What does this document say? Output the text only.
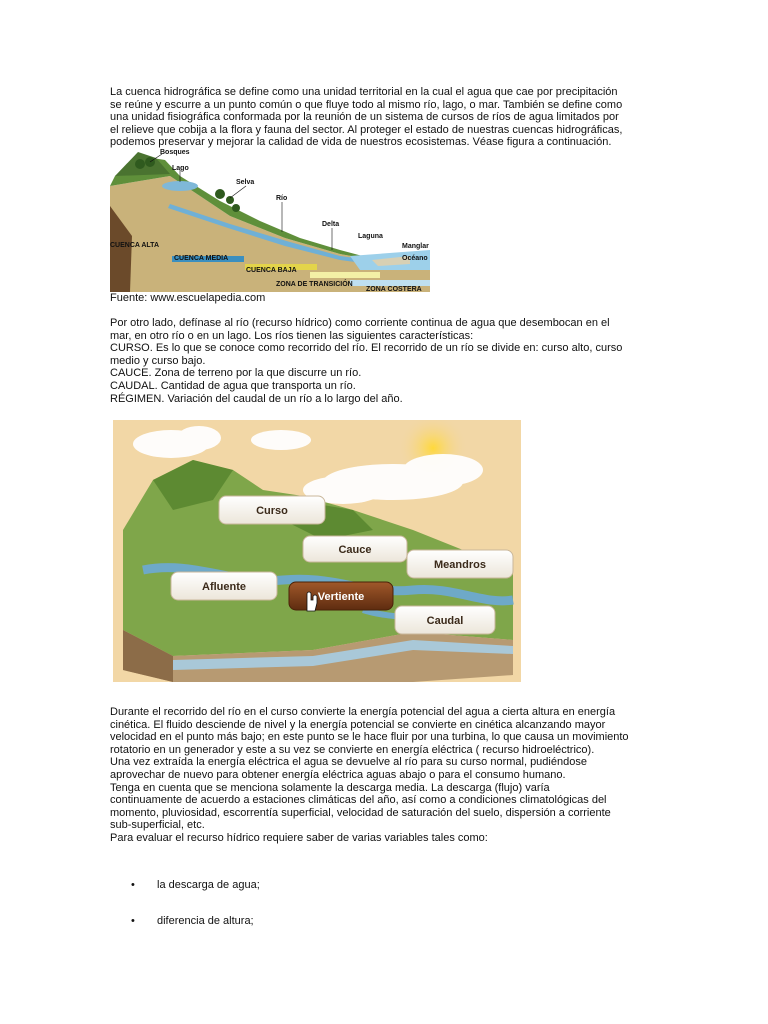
La cuenca hidrográfica se define como una unidad territorial en la cual el agua que cae por precipitación
se reúne y escurre a un punto común o que fluye todo al mismo río, lago, o mar. También se define como
una unidad fisiográfica conformada por la reunión de un sistema de cursos de ríos de agua limitados por
el relieve que cobija a la flora y fauna del sector. Al proteger el estado de nuestras cuencas hidrográficas,
podemos preservar y mejorar la calidad de vida de nuestros ecosistemas. Véase figura a continuación.

Bosques
Lago
Selva
Río
Delta
Laguna
Manglar
Océano
CUENCA ALTA
CUENCA MEDIA
CUENCA BAJA
ZONA DE TRANSICIÓN
ZONA COSTERA

Fuente: www.escuelapedia.com

Por otro lado, defínase al río (recurso hídrico) como corriente continua de agua que desembocan en el
mar, en otro río o en un lago. Los ríos tienen las siguientes características:
CURSO. Es lo que se conoce como recorrido del río. El recorrido de un río se divide en: curso alto, curso
medio y curso bajo.
CAUCE. Zona de terreno por la que discurre un río.
CAUDAL. Cantidad de agua que transporta un río.
RÉGIMEN. Variación del caudal de un río a lo largo del año.

Curso
Cauce
Meandros
Afluente
Vertiente
Caudal

Durante el recorrido del río en el curso convierte la energía potencial del agua a cierta altura en energía
cinética. El fluido desciende de nivel y la energía potencial se convierte en cinética alcanzando mayor
velocidad en el punto más bajo; en este punto se le hace fluir por una turbina, lo que causa un movimiento
rotatorio en un generador y este a su vez se convierte en energía eléctrica ( recurso hidroeléctrico).
Una vez extraída la energía eléctrica el agua se devuelve al río para su curso normal, pudiéndose
aprovechar de nuevo para obtener energía eléctrica aguas abajo o para el consumo humano.
Tenga en cuenta que se menciona solamente la descarga media. La descarga (flujo) varía
continuamente de acuerdo a estaciones climáticas del año, así como a condiciones climatológicas del
momento, pluviosidad, escorrentía superficial, velocidad de saturación del suelo, dispersión a corriente
sub-superficial, etc.
Para evaluar el recurso hídrico requiere saber de varias variables tales como:

• la descarga de agua;
• diferencia de altura;
